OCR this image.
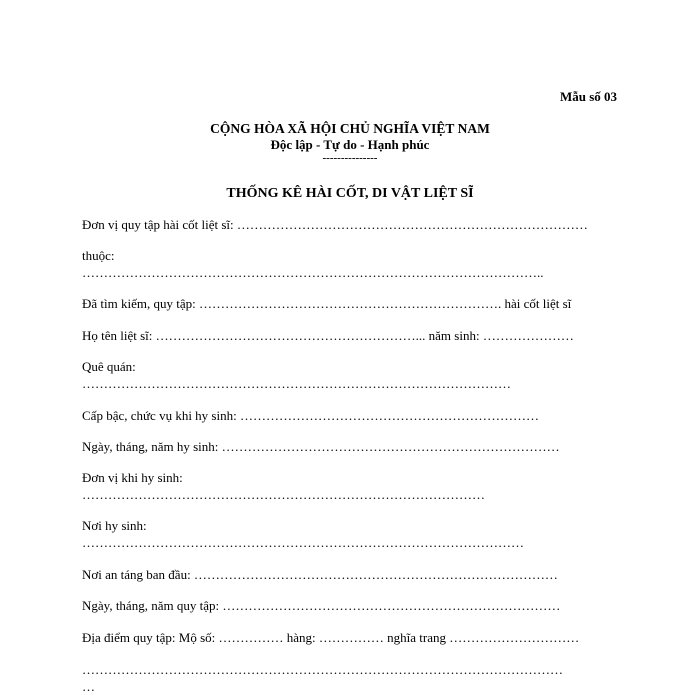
Mẫu số 03
CỘNG HÒA XÃ HỘI CHỦ NGHĨA VIỆT NAM
Độc lập - Tự do - Hạnh phúc
---------------
THỐNG KÊ HÀI CỐT, DI VẬT LIỆT SĨ
Đơn vị quy tập hài cốt liệt sĩ: ………………………………………………………………………
thuộc:
……………………………………………………………………………………………..
Đã tìm kiếm, quy tập: ……………………………………………………………. hài cốt liệt sĩ
Họ tên liệt sĩ: ……………………………………………………... năm sinh: …………………
Quê quán:
………………………………………………………………………………………
Cấp bậc, chức vụ khi hy sinh: ……………………………………………………………
Ngày, tháng, năm hy sinh: ……………………………………………………………………
Đơn vị khi hy sinh:
…………………………………………………………………………………
Nơi hy sinh:
…………………………………………………………………………………………
Nơi an táng ban đầu: …………………………………………………………………………
Ngày, tháng, năm quy tập: ……………………………………………………………………
Địa điểm quy tập: Mộ số: …………… hàng: …………… nghĩa trang …………………………
…………………………………………………………………………………………………
…
